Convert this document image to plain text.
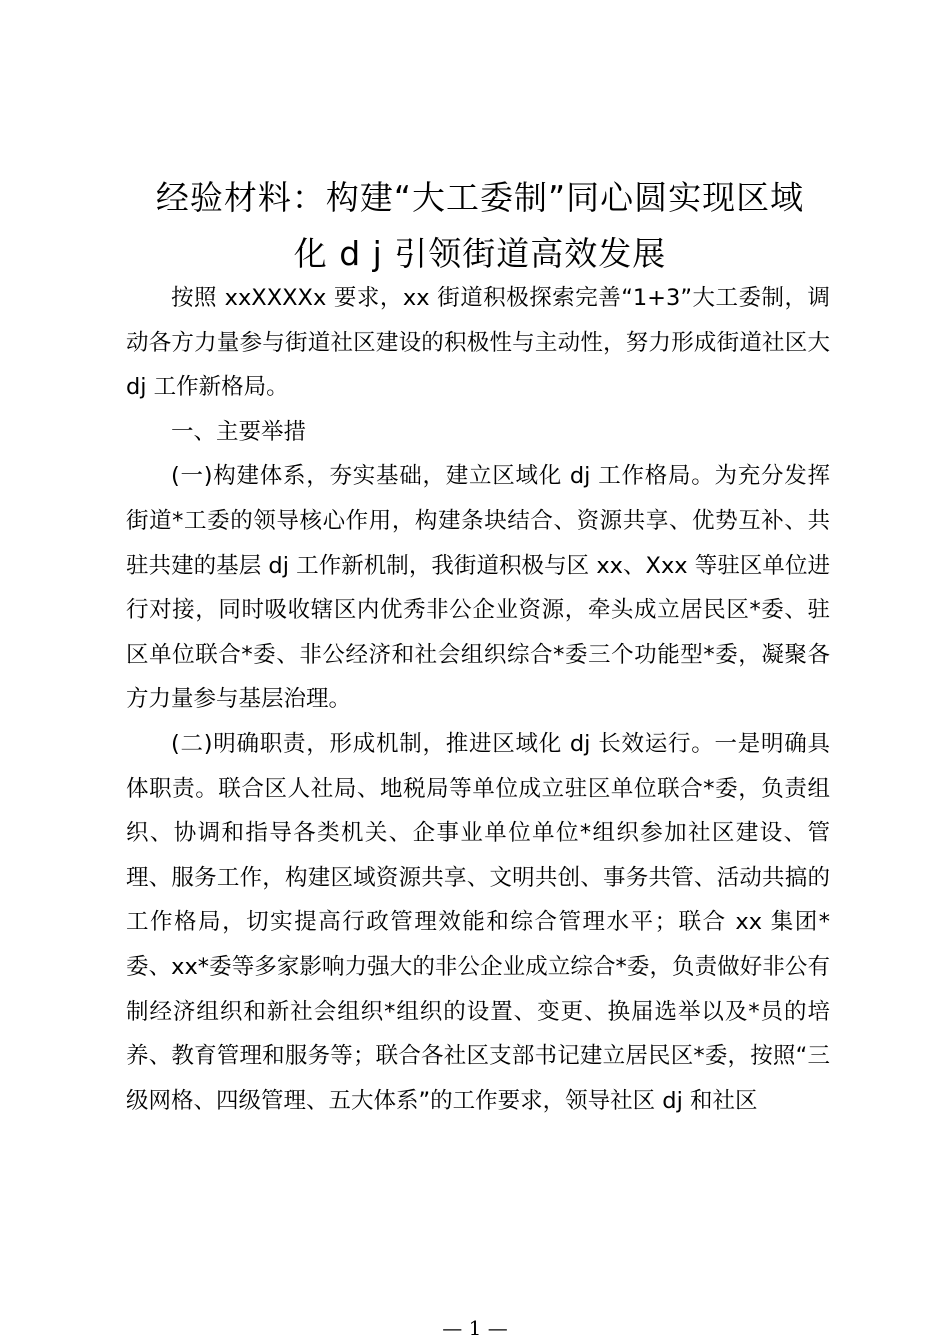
经验材料：构建“大工委制”同心圆实现区域
化 d j 引领街道高效发展

按照 xxXXXXx 要求，xx 街道积极探索完善“1+3”大工委制，调动各方力量参与街道社区建设的积极性与主动性，努力形成街道社区大 dj 工作新格局。

一、主要举措

(一)构建体系，夯实基础，建立区域化 dj 工作格局。为充分发挥街道*工委的领导核心作用，构建条块结合、资源共享、优势互补、共驻共建的基层 dj 工作新机制，我街道积极与区 xx、Xxx 等驻区单位进行对接，同时吸收辖区内优秀非公企业资源，牵头成立居民区*委、驻区单位联合*委、非公经济和社会组织综合*委三个功能型*委，凝聚各方力量参与基层治理。

(二)明确职责，形成机制，推进区域化 dj 长效运行。一是明确具体职责。联合区人社局、地税局等单位成立驻区单位联合*委，负责组织、协调和指导各类机关、企事业单位单位*组织参加社区建设、管理、服务工作，构建区域资源共享、文明共创、事务共管、活动共搞的工作格局，切实提高行政管理效能和综合管理水平；联合 xx 集团*委、xx*委等多家影响力强大的非公企业成立综合*委，负责做好非公有制经济组织和新社会组织*组织的设置、变更、换届选举以及*员的培养、教育管理和服务等；联合各社区支部书记建立居民区*委，按照“三级网格、四级管理、五大体系”的工作要求，领导社区 dj 和社区

— 1 —
